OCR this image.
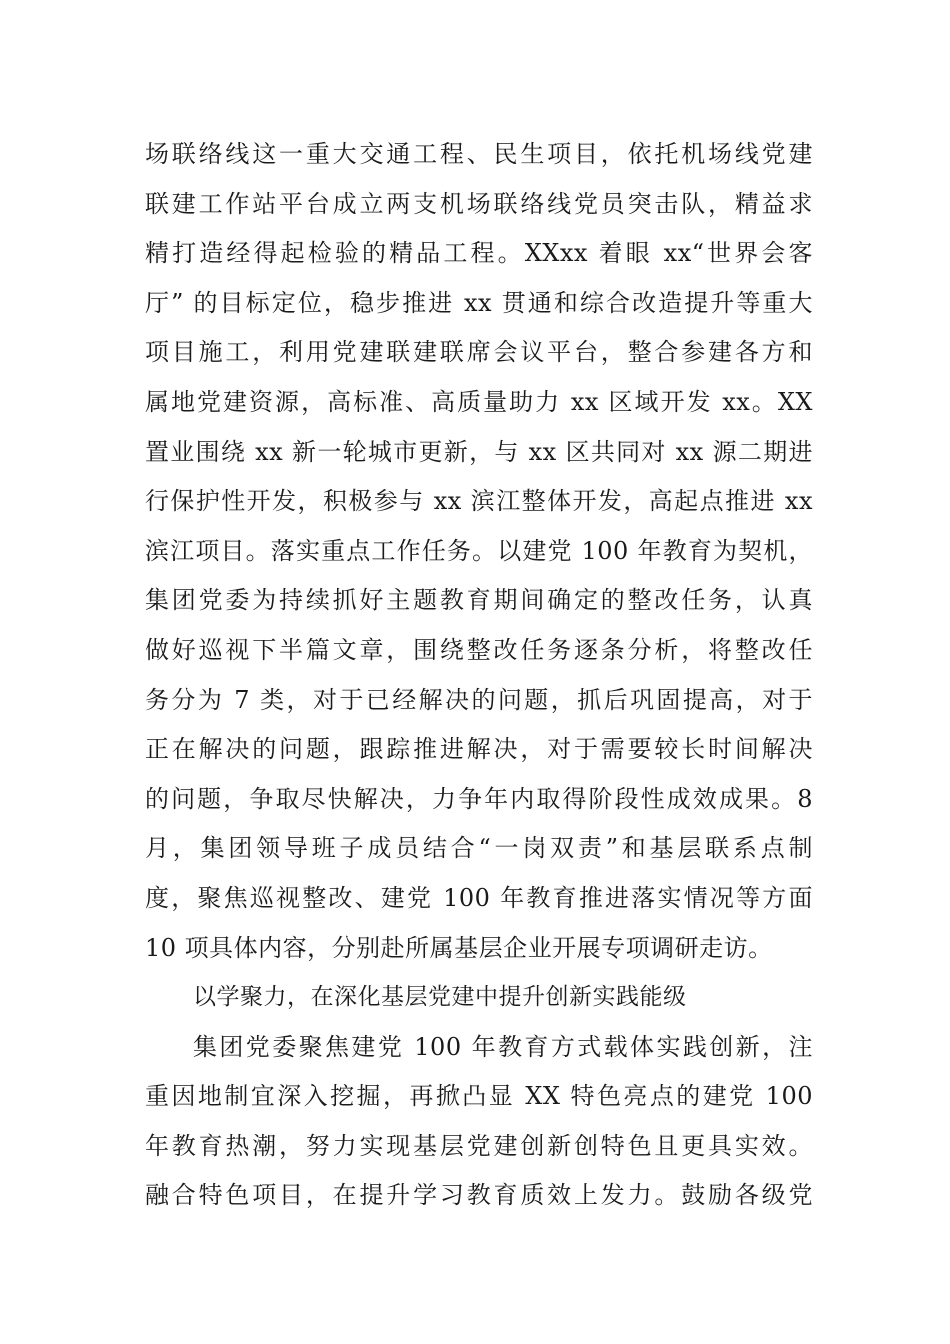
场联络线这一重大交通工程、民生项目，依托机场线党建
联建工作站平台成立两支机场联络线党员突击队，精益求
精打造经得起检验的精品工程。XXxx 着眼 xx“世界会客
厅” 的目标定位，稳步推进 xx 贯通和综合改造提升等重大
项目施工，利用党建联建联席会议平台，整合参建各方和
属地党建资源，高标准、高质量助力 xx 区域开发 xx。XX
置业围绕 xx 新一轮城市更新，与 xx 区共同对 xx 源二期进
行保护性开发，积极参与 xx 滨江整体开发，高起点推进 xx
滨江项目。落实重点工作任务。以建党 100 年教育为契机，
集团党委为持续抓好主题教育期间确定的整改任务，认真
做好巡视下半篇文章，围绕整改任务逐条分析，将整改任
务分为 7 类，对于已经解决的问题，抓后巩固提高，对于
正在解决的问题，跟踪推进解决，对于需要较长时间解决
的问题，争取尽快解决，力争年内取得阶段性成效成果。8
月，集团领导班子成员结合“一岗双责”和基层联系点制
度，聚焦巡视整改、建党 100 年教育推进落实情况等方面
10 项具体内容，分别赴所属基层企业开展专项调研走访。
以学聚力，在深化基层党建中提升创新实践能级
集团党委聚焦建党 100 年教育方式载体实践创新，注
重因地制宜深入挖掘，再掀凸显 XX 特色亮点的建党 100
年教育热潮，努力实现基层党建创新创特色且更具实效。
融合特色项目，在提升学习教育质效上发力。鼓励各级党
